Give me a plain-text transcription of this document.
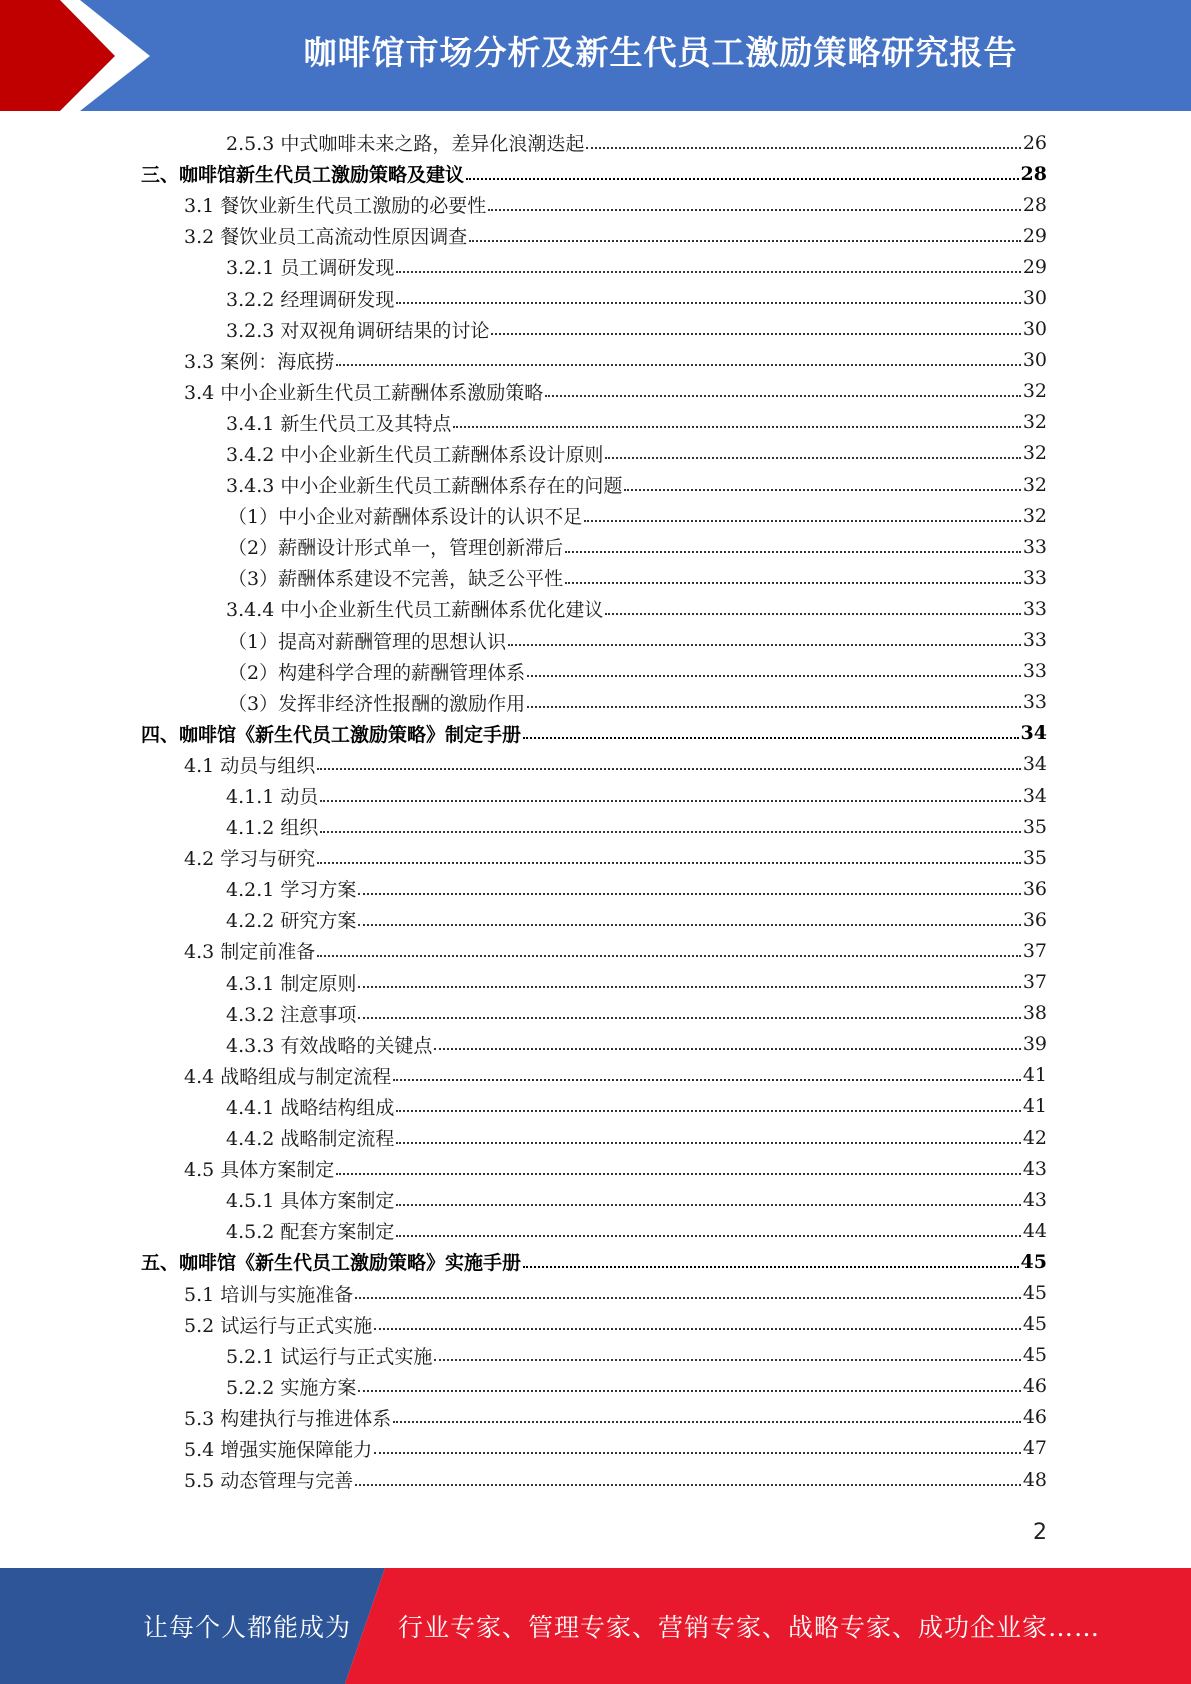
咖啡馆市场分析及新生代员工激励策略研究报告
2.5.3 中式咖啡未来之路，差异化浪潮迭起	26
三、咖啡馆新生代员工激励策略及建议	28
3.1 餐饮业新生代员工激励的必要性	28
3.2 餐饮业员工高流动性原因调查	29
3.2.1 员工调研发现	29
3.2.2 经理调研发现	30
3.2.3 对双视角调研结果的讨论	30
3.3 案例：海底捞	30
3.4 中小企业新生代员工薪酬体系激励策略	32
3.4.1 新生代员工及其特点	32
3.4.2 中小企业新生代员工薪酬体系设计原则	32
3.4.3 中小企业新生代员工薪酬体系存在的问题	32
（1）中小企业对薪酬体系设计的认识不足	32
（2）薪酬设计形式单一，管理创新滞后	33
（3）薪酬体系建设不完善，缺乏公平性	33
3.4.4 中小企业新生代员工薪酬体系优化建议	33
（1）提高对薪酬管理的思想认识	33
（2）构建科学合理的薪酬管理体系	33
（3）发挥非经济性报酬的激励作用	33
四、咖啡馆《新生代员工激励策略》制定手册	34
4.1 动员与组织	34
4.1.1 动员	34
4.1.2 组织	35
4.2 学习与研究	35
4.2.1 学习方案	36
4.2.2 研究方案	36
4.3 制定前准备	37
4.3.1 制定原则	37
4.3.2 注意事项	38
4.3.3 有效战略的关键点	39
4.4 战略组成与制定流程	41
4.4.1 战略结构组成	41
4.4.2 战略制定流程	42
4.5 具体方案制定	43
4.5.1 具体方案制定	43
4.5.2 配套方案制定	44
五、咖啡馆《新生代员工激励策略》实施手册	45
5.1 培训与实施准备	45
5.2 试运行与正式实施	45
5.2.1 试运行与正式实施	45
5.2.2 实施方案	46
5.3 构建执行与推进体系	46
5.4 增强实施保障能力	47
5.5 动态管理与完善	48
2
让每个人都能成为 行业专家、管理专家、营销专家、战略专家、成功企业家……
